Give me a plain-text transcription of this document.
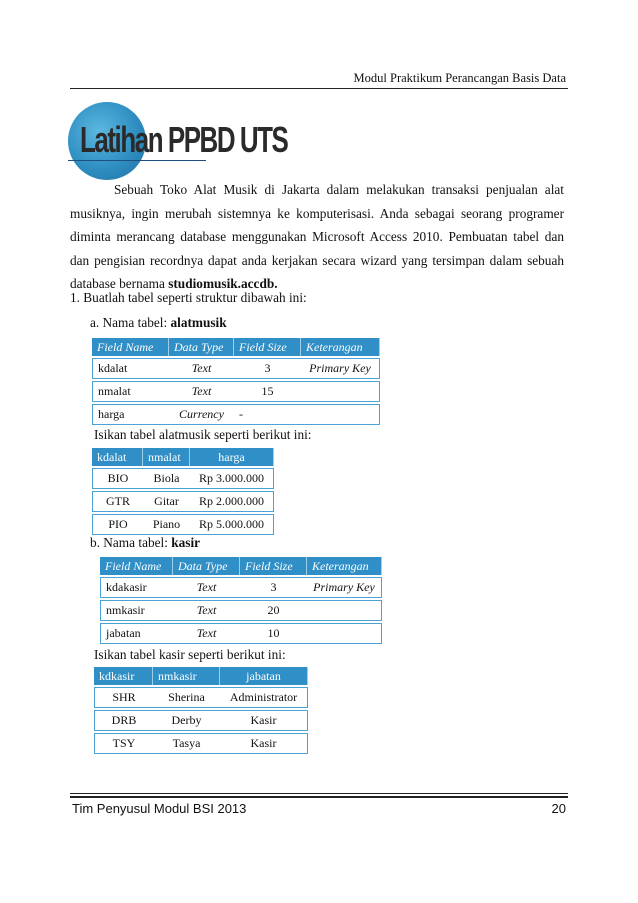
Modul Praktikum Perancangan Basis Data
Latihan PPBD UTS

Sebuah Toko Alat Musik di Jakarta dalam melakukan transaksi penjualan alat musiknya, ingin merubah sistemnya ke komputerisasi. Anda sebagai seorang programer diminta merancang database menggunakan Microsoft Access 2010. Pembuatan tabel dan dan pengisian recordnya dapat anda kerjakan secara wizard yang tersimpan dalam sebuah database bernama studiomusik.accdb.

1. Buatlah tabel seperti struktur dibawah ini:
a. Nama tabel: alatmusik
Field Name	Data Type	Field Size	Keterangan
kdalat	Text	3	Primary Key
nmalat	Text	15	
harga	Currency	-	
Isikan tabel alatmusik seperti berikut ini:
kdalat	nmalat	harga
BIO	Biola	Rp 3.000.000
GTR	Gitar	Rp 2.000.000
PIO	Piano	Rp 5.000.000
b. Nama tabel: kasir
Field Name	Data Type	Field Size	Keterangan
kdakasir	Text	3	Primary Key
nmkasir	Text	20	
jabatan	Text	10	
Isikan tabel kasir seperti berikut ini:
kdkasir	nmkasir	jabatan
SHR	Sherina	Administrator
DRB	Derby	Kasir
TSY	Tasya	Kasir
Tim Penyusul Modul BSI 2013	20
